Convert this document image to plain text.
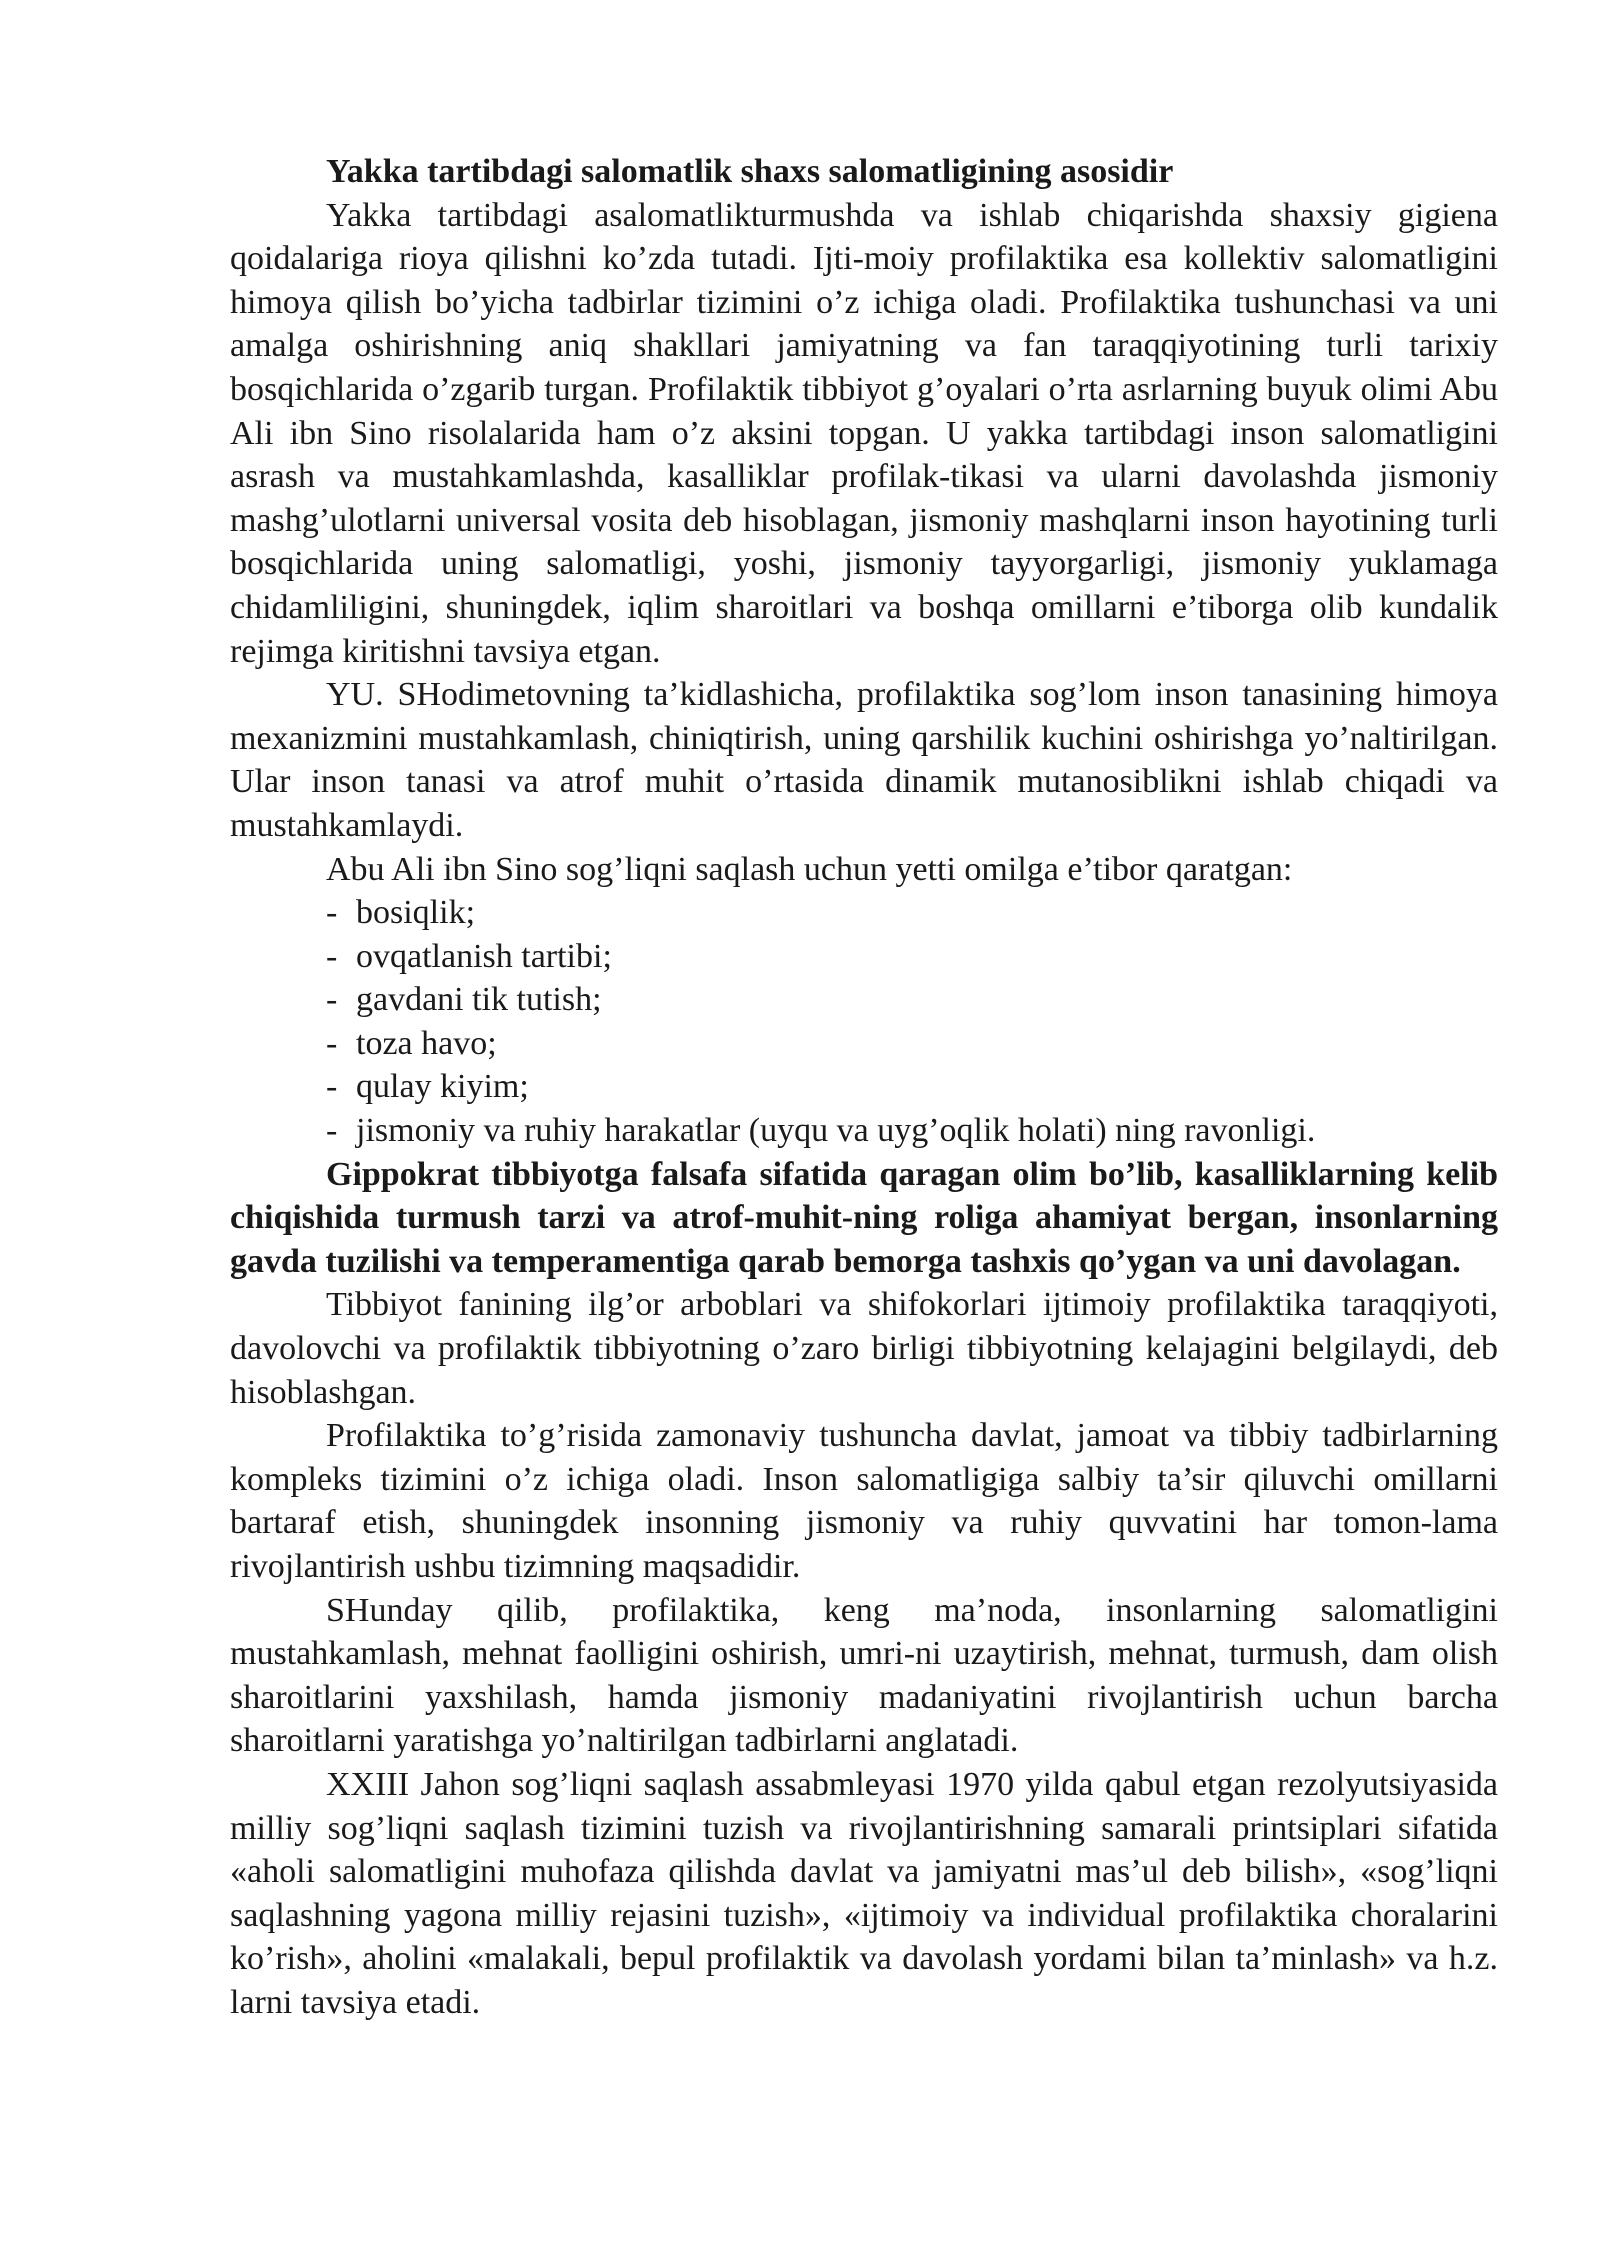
Yakka tartibdagi salomatlik shaxs salomatligining asosidir

Yakka tartibdagi asalomatlikturmushda va ishlab chiqarishda shaxsiy gigiena qoidalariga rioya qilishni ko’zda tutadi. Ijti-moiy profilaktika esa kollektiv salomatligini himoya qilish bo’yicha tadbirlar tizimini o’z ichiga oladi. Profilaktika tushunchasi va uni amalga oshirishning aniq shakllari jamiyatning va fan taraqqiyotining turli tarixiy bosqichlarida o’zgarib turgan. Profilaktik tibbiyot g’oyalari o’rta asrlarning buyuk olimi Abu Ali ibn Sino risolalarida ham o’z aksini topgan. U yakka tartibdagi inson salomatligini asrash va mustahkamlashda, kasalliklar profilak-tikasi va ularni davolashda jismoniy mashg’ulotlarni universal vosita deb hisoblagan, jismoniy mashqlarni inson hayotining turli bosqichlarida uning salomatligi, yoshi, jismoniy tayyorgarligi, jismoniy yuklamaga chidamliligini, shuningdek, iqlim sharoitlari va boshqa omillarni e’tiborga olib kundalik rejimga kiritishni tavsiya etgan.

YU. SHodimetovning ta’kidlashicha, profilaktika sog’lom inson tanasining himoya mexanizmini mustahkamlash, chiniqtirish, uning qarshilik kuchini oshirishga yo’naltirilgan. Ular inson tanasi va atrof muhit o’rtasida dinamik mutanosiblikni ishlab chiqadi va mustahkamlaydi.

Abu Ali ibn Sino sog’liqni saqlash uchun yetti omilga e’tibor qaratgan:

- bosiqlik;
- ovqatlanish tartibi;
- gavdani tik tutish;
- toza havo;
- qulay kiyim;
- jismoniy va ruhiy harakatlar (uyqu va uyg’oqlik holati) ning ravonligi.

Gippokrat tibbiyotga falsafa sifatida qaragan olim bo’lib, kasalliklarning kelib chiqishida turmush tarzi va atrof-muhit-ning roliga ahamiyat bergan, insonlarning gavda tuzilishi va temperamentiga qarab bemorga tashxis qo’ygan va uni davolagan.

Tibbiyot fanining ilg’or arboblari va shifokorlari ijtimoiy profilaktika taraqqiyoti, davolovchi va profilaktik tibbiyotning o’zaro birligi tibbiyotning kelajagini belgilaydi, deb hisoblashgan.

Profilaktika to’g’risida zamonaviy tushuncha davlat, jamoat va tibbiy tadbirlarning kompleks tizimini o’z ichiga oladi. Inson salomatligiga salbiy ta’sir qiluvchi omillarni bartaraf etish, shuningdek insonning jismoniy va ruhiy quvvatini har tomon-lama rivojlantirish ushbu tizimning maqsadidir.

SHunday qilib, profilaktika, keng ma’noda, insonlarning salomatligini mustahkamlash, mehnat faolligini oshirish, umri-ni uzaytirish, mehnat, turmush, dam olish sharoitlarini yaxshilash, hamda jismoniy madaniyatini rivojlantirish uchun barcha sharoitlarni yaratishga yo’naltirilgan tadbirlarni anglatadi.

XXIII Jahon sog’liqni saqlash assabmleyasi 1970 yilda qabul etgan rezolyutsiyasida milliy sog’liqni saqlash tizimini tuzish va rivojlantirishning samarali printsiplari sifatida «aholi salomatligini muhofaza qilishda davlat va jamiyatni mas’ul deb bilish», «sog’liqni saqlashning yagona milliy rejasini tuzish», «ijtimoiy va individual profilaktika choralarini ko’rish», aholini «malakali, bepul profilaktik va davolash yordami bilan ta’minlash» va h.z. larni tavsiya etadi.
